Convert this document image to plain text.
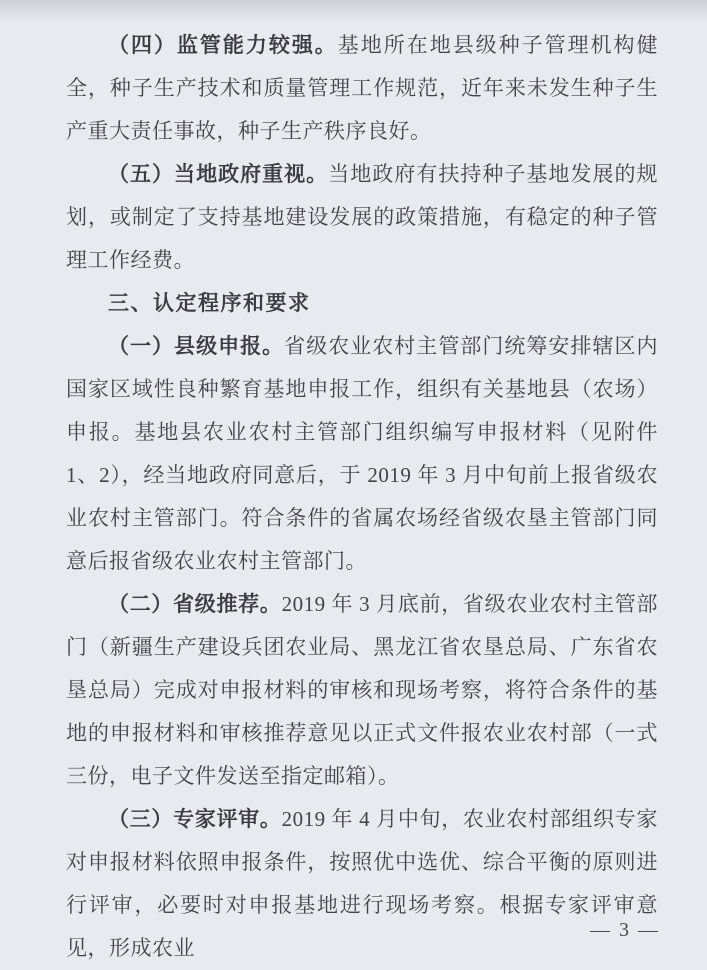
（四）监管能力较强。基地所在地县级种子管理机构健全，种子生产技术和质量管理工作规范，近年来未发生种子生产重大责任事故，种子生产秩序良好。

（五）当地政府重视。当地政府有扶持种子基地发展的规划，或制定了支持基地建设发展的政策措施，有稳定的种子管理工作经费。

三、认定程序和要求

（一）县级申报。省级农业农村主管部门统筹安排辖区内国家区域性良种繁育基地申报工作，组织有关基地县（农场）申报。基地县农业农村主管部门组织编写申报材料（见附件 1、2），经当地政府同意后，于 2019 年 3 月中旬前上报省级农业农村主管部门。符合条件的省属农场经省级农垦主管部门同意后报省级农业农村主管部门。

（二）省级推荐。2019 年 3 月底前，省级农业农村主管部门（新疆生产建设兵团农业局、黑龙江省农垦总局、广东省农垦总局）完成对申报材料的审核和现场考察，将符合条件的基地的申报材料和审核推荐意见以正式文件报农业农村部（一式三份，电子文件发送至指定邮箱）。

（三）专家评审。2019 年 4 月中旬，农业农村部组织专家对申报材料依照申报条件，按照优中选优、综合平衡的原则进行评审，必要时对申报基地进行现场考察。根据专家评审意见，形成农业

— 3 —
